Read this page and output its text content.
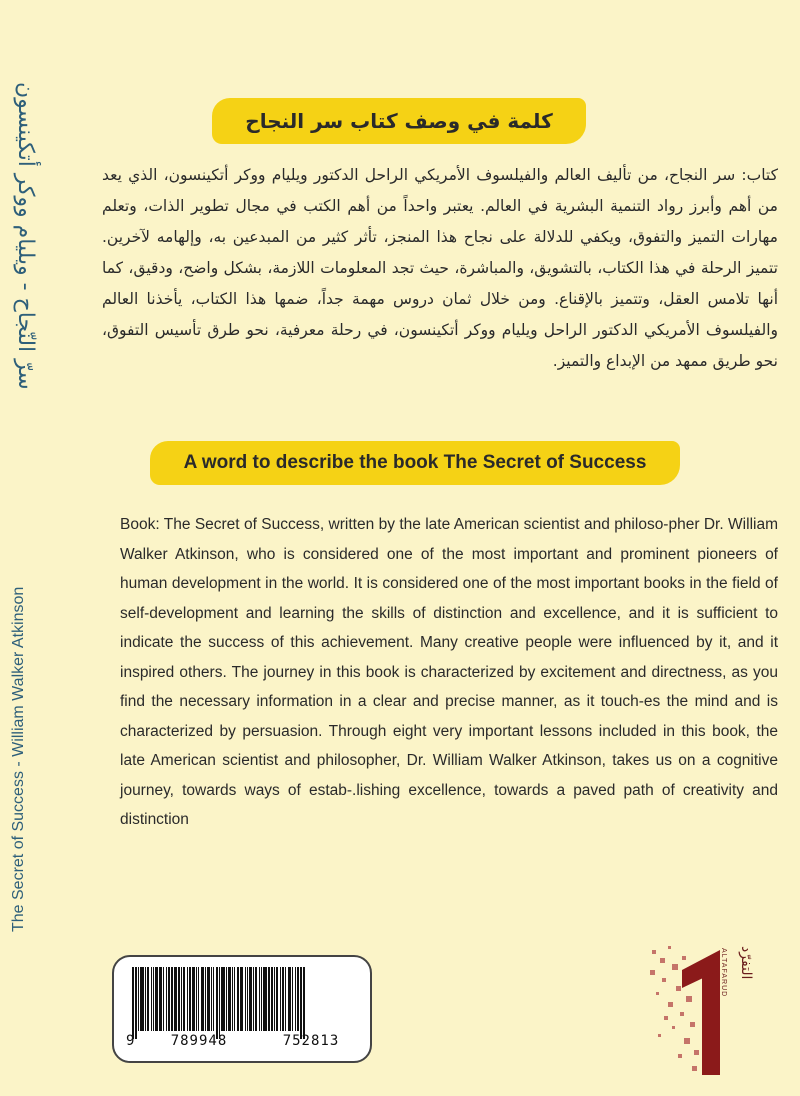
سرّ النّجاح - ويليام ووكر أتكينسون
The Secret of Success - William Walker Atkinson
كلمة في وصف كتاب سر النجاح

كتاب: سر النجاح، من تأليف العالم والفيلسوف الأمريكي الراحل الدكتور ويليام ووكر أتكينسون، الذي يعد من أهم وأبرز رواد التنمية البشرية في العالم. يعتبر واحداً من أهم الكتب في مجال تطوير الذات، وتعلم مهارات التميز والتفوق، ويكفي للدلالة على نجاح هذا المنجز، تأثر كثير من المبدعين به، وإلهامه لآخرين. تتميز الرحلة في هذا الكتاب، بالتشويق، والمباشرة، حيث تجد المعلومات اللازمة، بشكل واضح، ودقيق، كما أنها تلامس العقل، وتتميز بالإقناع. ومن خلال ثمان دروس مهمة جداً، ضمها هذا الكتاب، يأخذنا العالم والفيلسوف الأمريكي الدكتور الراحل ويليام ووكر أتكينسون، في رحلة معرفية، نحو طرق تأسيس التفوق، نحو طريق ممهد من الإبداع والتميز.

A word to describe the book The Secret of Success

Book: The Secret of Success, written by the late American scientist and philoso-pher Dr. William Walker Atkinson, who is considered one of the most important and prominent pioneers of human development in the world. It is considered one of the most important books in the field of self-development and learning the skills of distinction and excellence, and it is sufficient to indicate the success of this achievement. Many creative people were influenced by it, and it inspired others. The journey in this book is characterized by excitement and directness, as you find the necessary information in a clear and precise manner, as it touch-es the mind and is characterized by persuasion. Through eight very important lessons included in this book, the late American scientist and philosopher, Dr. William Walker Atkinson, takes us on a cognitive journey, towards ways of estab-.lishing excellence, towards a paved path of creativity and distinction

9	789948	752813
التفرّد
ALTAFARUD
